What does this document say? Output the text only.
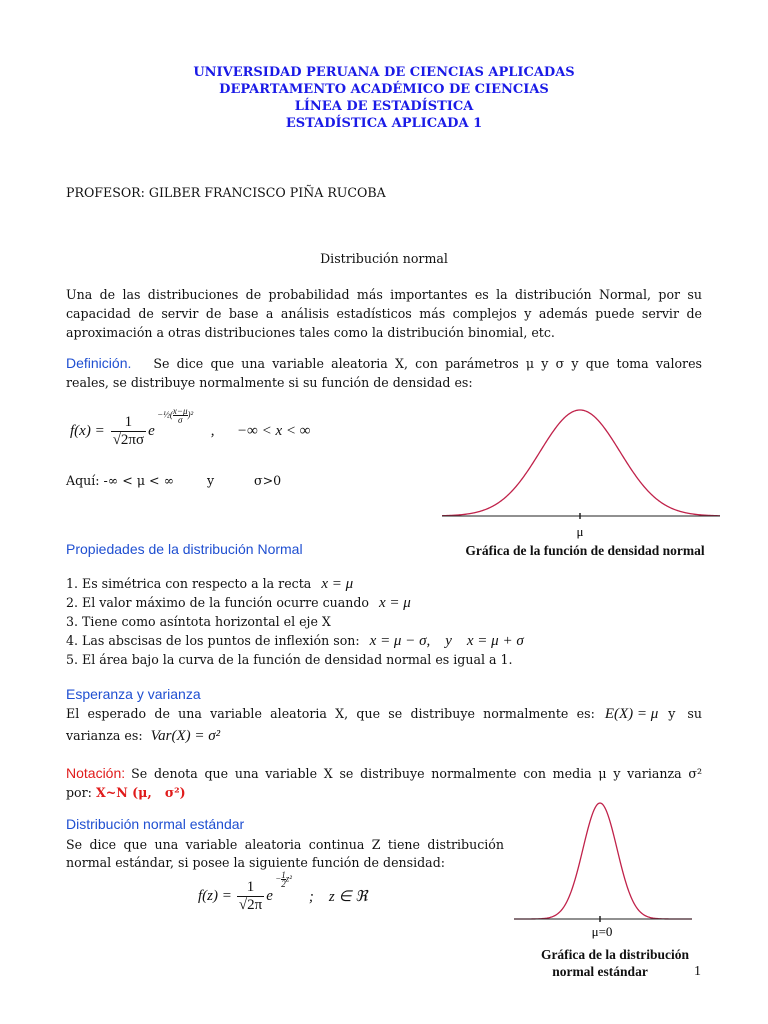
UNIVERSIDAD PERUANA DE CIENCIAS APLICADAS
DEPARTAMENTO ACADÉMICO DE CIENCIAS
LÍNEA DE ESTADÍSTICA
ESTADÍSTICA APLICADA 1
PROFESOR: GILBER FRANCISCO PIÑA RUCOBA
Distribución normal
Una de las distribuciones de probabilidad más importantes es la distribución Normal, por su
capacidad de servir de base a análisis estadísticos más complejos y además puede servir de
aproximación a otras distribuciones tales como la distribución binomial, etc.
Definición. Se dice que una variable aleatoria X, con parámetros μ y σ y que toma valores
reales, se distribuye normalmente si su función de densidad es:
$f(x) = \frac{1}{√2\pi\sigma}$ e
−½( $\frac{x-\mu}{\sigma} )^2$
,      −∞ < x < ∞
Aquí: -∞ < μ < ∞	y	σ>0
μ
Gráfica de la función de densidad normal
Propiedades de la distribución Normal
1. Es simétrica con respecto a la recta x = μ
2. El valor máximo de la función ocurre cuando x = μ
3. Tiene como asíntota horizontal el eje X
4. Las abscisas de los puntos de inflexión son: x = μ − σ,    y    x = μ + σ
5. El área bajo la curva de la función de densidad normal es igual a 1.
Esperanza y varianza
El esperado de una variable aleatoria X, que se distribuye normalmente es: E(X) = μ y su
varianza es: Var(X) = σ²
Notación: Se denota que una variable X se distribuye normalmente con media μ y varianza σ²
por: X~N (μ,   σ²)
Distribución normal estándar
Se dice que una variable aleatoria continua Z tiene distribución
normal estándar, si posee la siguiente función de densidad:
$f(z) = \frac{1}{√2\pi}$ e
− $\frac{1}{2} z^2$
;    z ∈ ℜ
μ=0
Gráfica de la distribución
normal estándar	1
